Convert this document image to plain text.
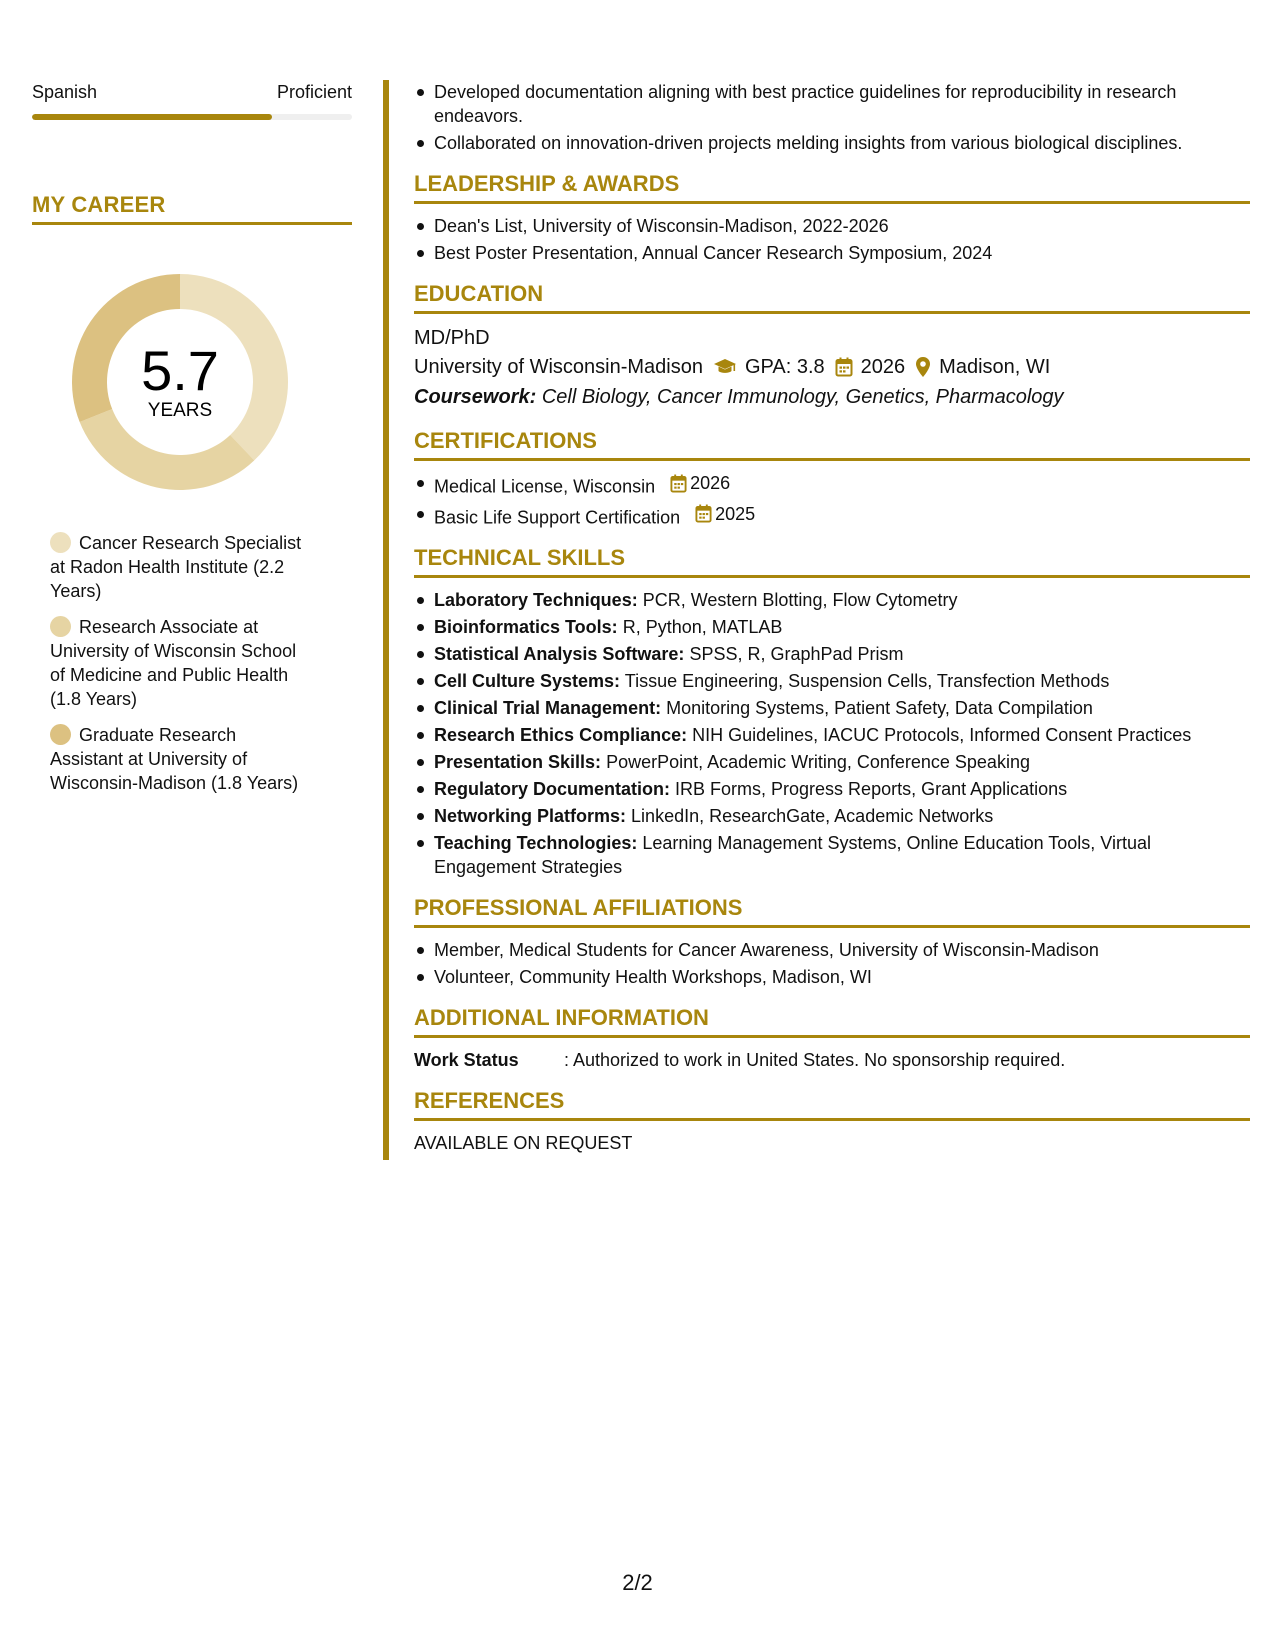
Spanish	Proficient
MY CAREER
5.7
YEARS
Cancer Research Specialist at Radon Health Institute (2.2 Years)
Research Associate at University of Wisconsin School of Medicine and Public Health (1.8 Years)
Graduate Research Assistant at University of Wisconsin-Madison (1.8 Years)
Developed documentation aligning with best practice guidelines for reproducibility in research endeavors.
Collaborated on innovation-driven projects melding insights from various biological disciplines.
LEADERSHIP & AWARDS
Dean's List, University of Wisconsin-Madison, 2022-2026
Best Poster Presentation, Annual Cancer Research Symposium, 2024
EDUCATION
MD/PhD
University of Wisconsin-Madison GPA: 3.8 2026 Madison, WI
Coursework: Cell Biology, Cancer Immunology, Genetics, Pharmacology
CERTIFICATIONS
Medical License, Wisconsin 2026
Basic Life Support Certification 2025
TECHNICAL SKILLS
Laboratory Techniques: PCR, Western Blotting, Flow Cytometry
Bioinformatics Tools: R, Python, MATLAB
Statistical Analysis Software: SPSS, R, GraphPad Prism
Cell Culture Systems: Tissue Engineering, Suspension Cells, Transfection Methods
Clinical Trial Management: Monitoring Systems, Patient Safety, Data Compilation
Research Ethics Compliance: NIH Guidelines, IACUC Protocols, Informed Consent Practices
Presentation Skills: PowerPoint, Academic Writing, Conference Speaking
Regulatory Documentation: IRB Forms, Progress Reports, Grant Applications
Networking Platforms: LinkedIn, ResearchGate, Academic Networks
Teaching Technologies: Learning Management Systems, Online Education Tools, Virtual Engagement Strategies
PROFESSIONAL AFFILIATIONS
Member, Medical Students for Cancer Awareness, University of Wisconsin-Madison
Volunteer, Community Health Workshops, Madison, WI
ADDITIONAL INFORMATION
Work Status	: Authorized to work in United States. No sponsorship required.
REFERENCES
AVAILABLE ON REQUEST
2/2
